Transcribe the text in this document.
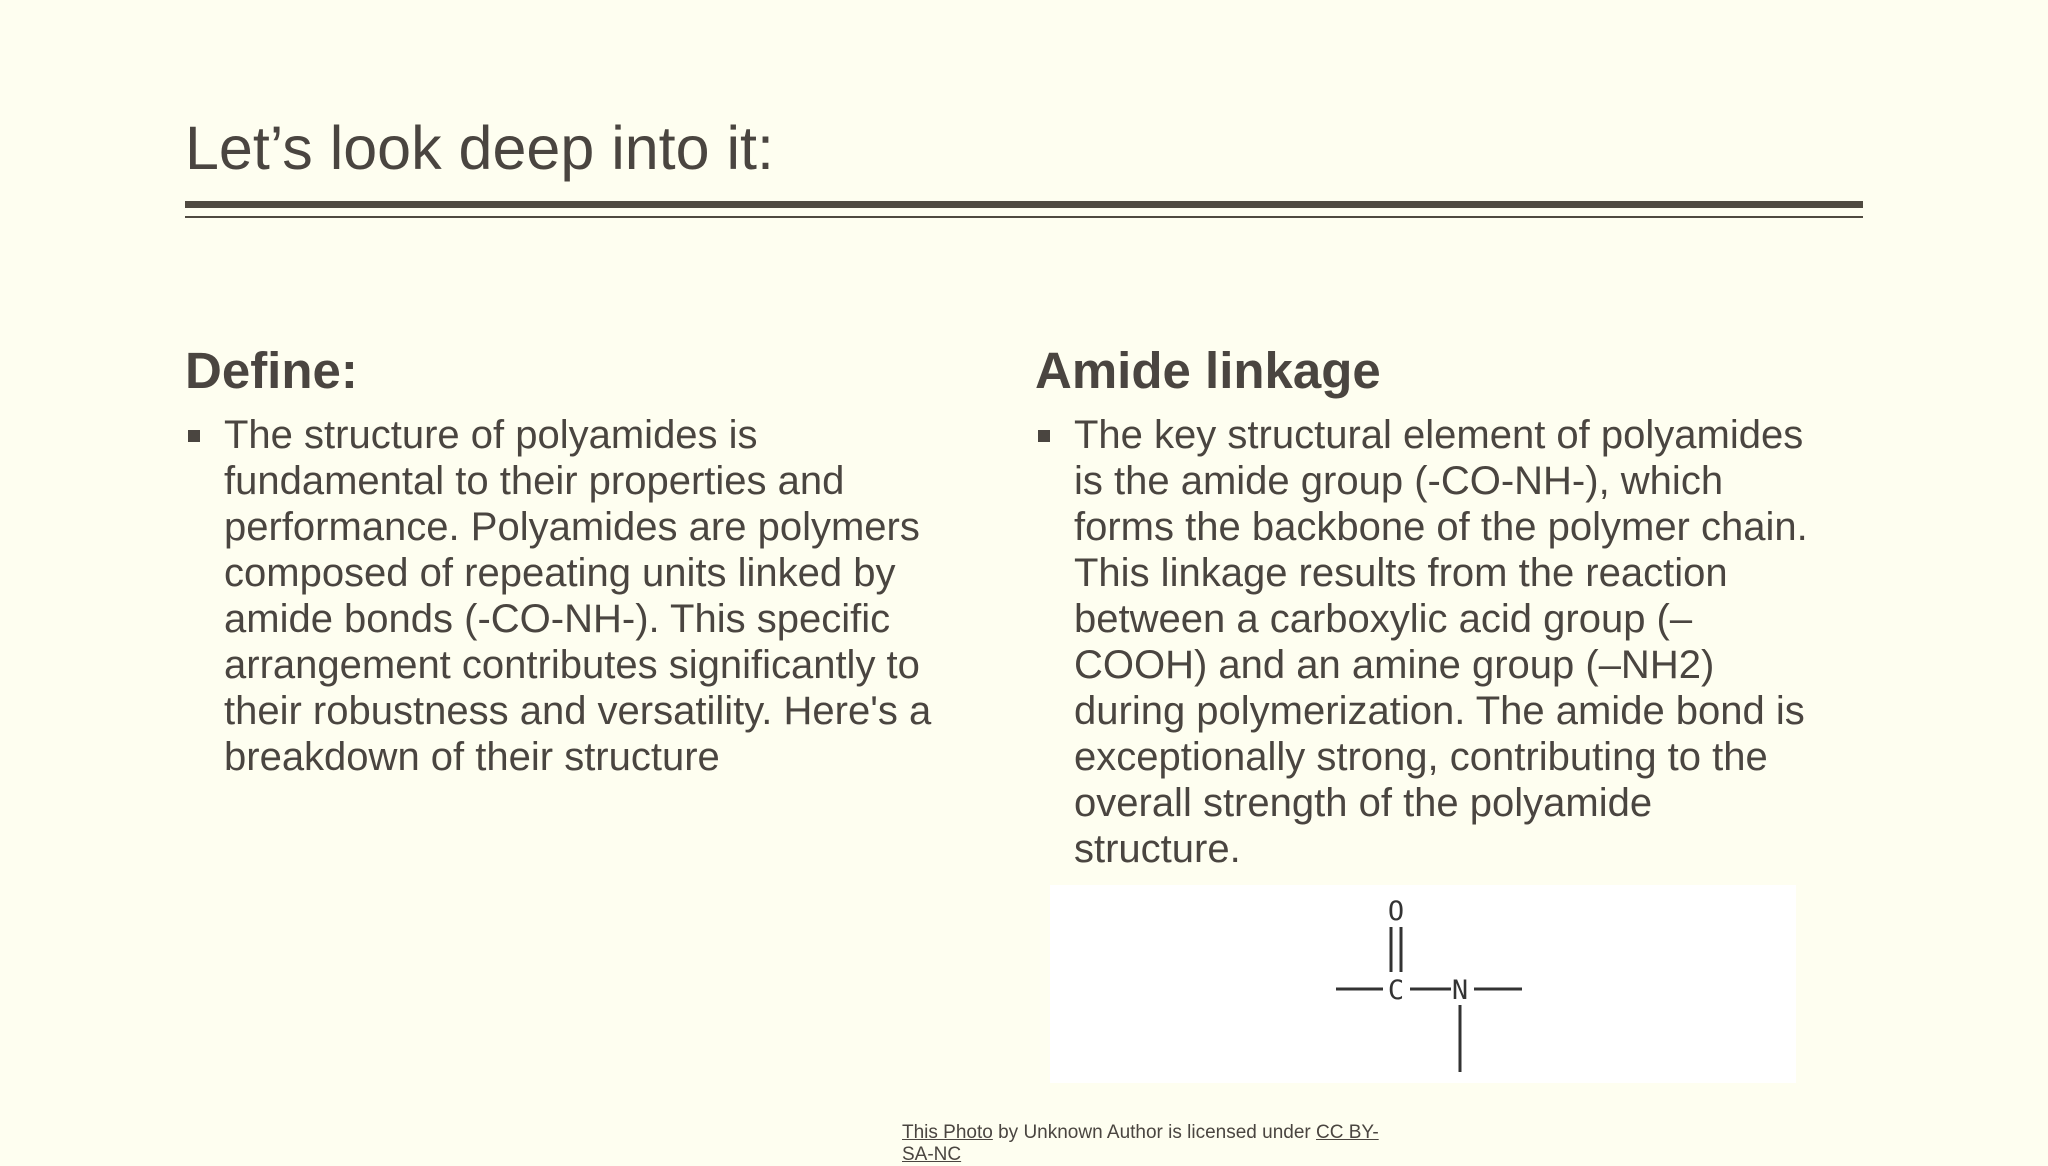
Let’s look deep into it:
Define:
The structure of polyamides is
fundamental to their properties and
performance. Polyamides are polymers
composed of repeating units linked by
amide bonds (-CO-NH-). This specific
arrangement contributes significantly to
their robustness and versatility. Here's a
breakdown of their structure
Amide linkage
The key structural element of polyamides
is the amide group (-CO-NH-), which
forms the backbone of the polymer chain.
This linkage results from the reaction
between a carboxylic acid group (–
COOH) and an amine group (–NH2)
during polymerization. The amide bond is
exceptionally strong, contributing to the
overall strength of the polyamide
structure.
O
C N
This Photo by Unknown Author is licensed under CC BY-SA-NC
